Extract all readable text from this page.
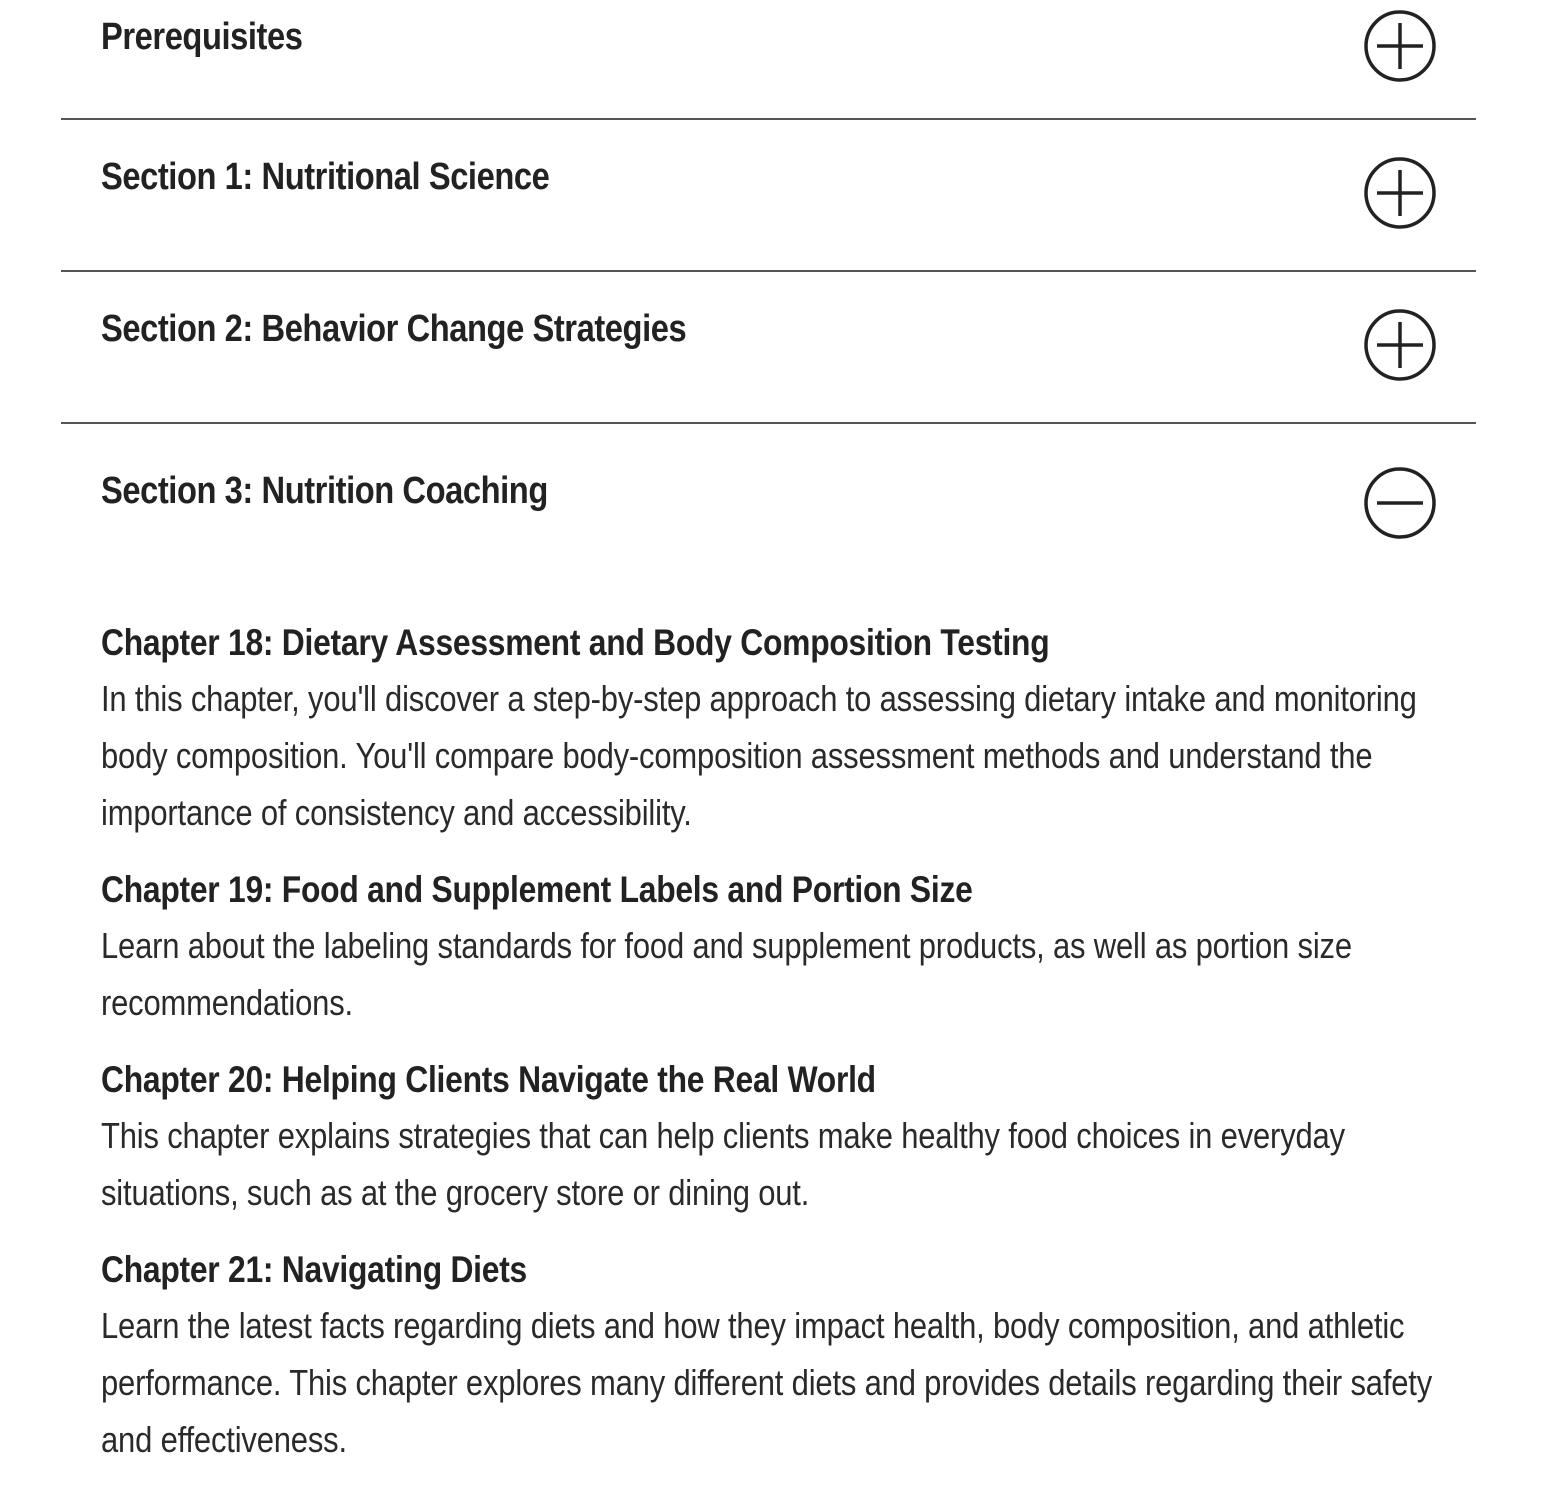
Prerequisites
Section 1: Nutritional Science
Section 2: Behavior Change Strategies
Section 3: Nutrition Coaching
Chapter 18: Dietary Assessment and Body Composition Testing
In this chapter, you'll discover a step-by-step approach to assessing dietary intake and monitoring body composition. You'll compare body-composition assessment methods and understand the importance of consistency and accessibility.
Chapter 19: Food and Supplement Labels and Portion Size
Learn about the labeling standards for food and supplement products, as well as portion size recommendations.
Chapter 20: Helping Clients Navigate the Real World
This chapter explains strategies that can help clients make healthy food choices in everyday situations, such as at the grocery store or dining out.
Chapter 21: Navigating Diets
Learn the latest facts regarding diets and how they impact health, body composition, and athletic performance. This chapter explores many different diets and provides details regarding their safety and effectiveness.
